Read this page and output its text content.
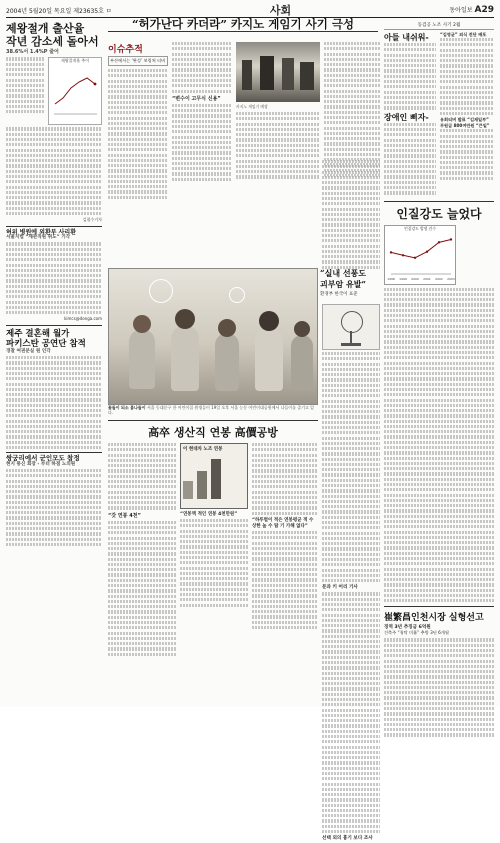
2004년 5월20일 목요일 제23635호 ㅁ	사회	동아일보 A29
제왕절개 출산율
작년 감소세 돌아서
38.6%서 1.4%P 줄어
제왕절개율 추이
김철수기자
허위 병원에 외환부 사리환
서울지법 “세관직원 위도” 기각
kimcs@donga.com
제주 결혼해 월가
파키스탄 공연단 참적
경찰 여권분실 원 인각
쌍궁리에서 군인모도 참정
현지 통신 회장 - 부터 하점 노의원
“허가난다 카더라” 카지노 게임기 사기 극성
이슈추적
부산에서는 ‘완성’ 보링쳐 티버
“변수이 고무식 신용”
카지노 게임기 매장
꽃들이 되소 봄나들이 서울 동대문구 한 어린이집 원생들이 19일 오후 서울 능동 어린이대공원에서 나들이를 즐기고 있다.
高卒 생산직 연봉 高價공방
“갓 연봉 4천”
이 현대차 노조 연봉
“연봉액 적인 연봉 4천만원”
“하루벌이 적은 연봉평균 적 수 상한 높 수 탑 기 가해 없다”
“실내 선풍도
괴부암 유발”
환경부 한국이 표준
문과 키 어리 기사
선택 외의 흉기 보다 조사
동검공 노조 사기 2월
아들 내쉬워-
장애인 삐자-
“김영균” 외식 전단 배포
유회티버 발표 “김재일부”
무원급 800여만원 “큰일”
인질강도 늘었다
인질강도 발생 건수
1998 1999 2000 2001 2002 2003
崔繁昌인천시장 실형선고
징역 3년 추징금 6억원
건축주 “청탁 미흡” 추방 3년 6개월
